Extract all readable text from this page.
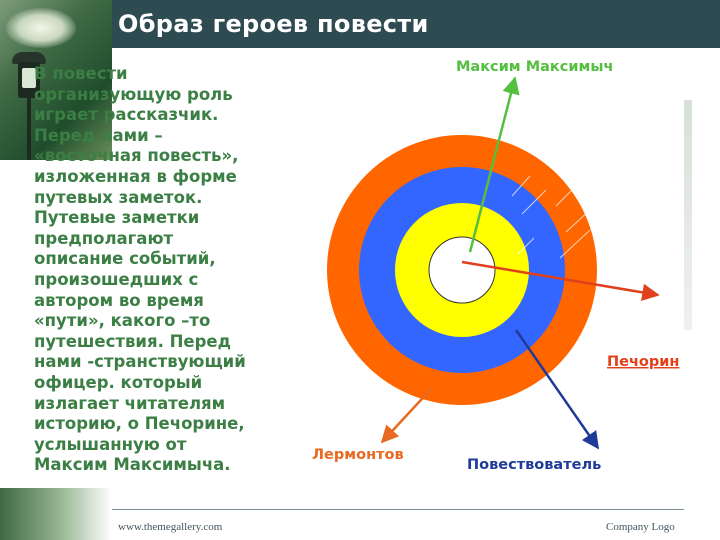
Образ героев повести

В повести
организующую роль
играет рассказчик.
Перед нами –
«восточная повесть»,
изложенная в форме
путевых заметок.
Путевые заметки
предполагают
описание событий,
произошедших с
автором во время
«пути», какого –то
путешествия. Перед
нами -странствующий
офицер. который
излагает читателям
историю, о Печорине,
услышанную от
Максим Максимыча.

Максим Максимыч
Печорин
Лермонтов
Повествователь
www.themegallery.com	Company Logo
